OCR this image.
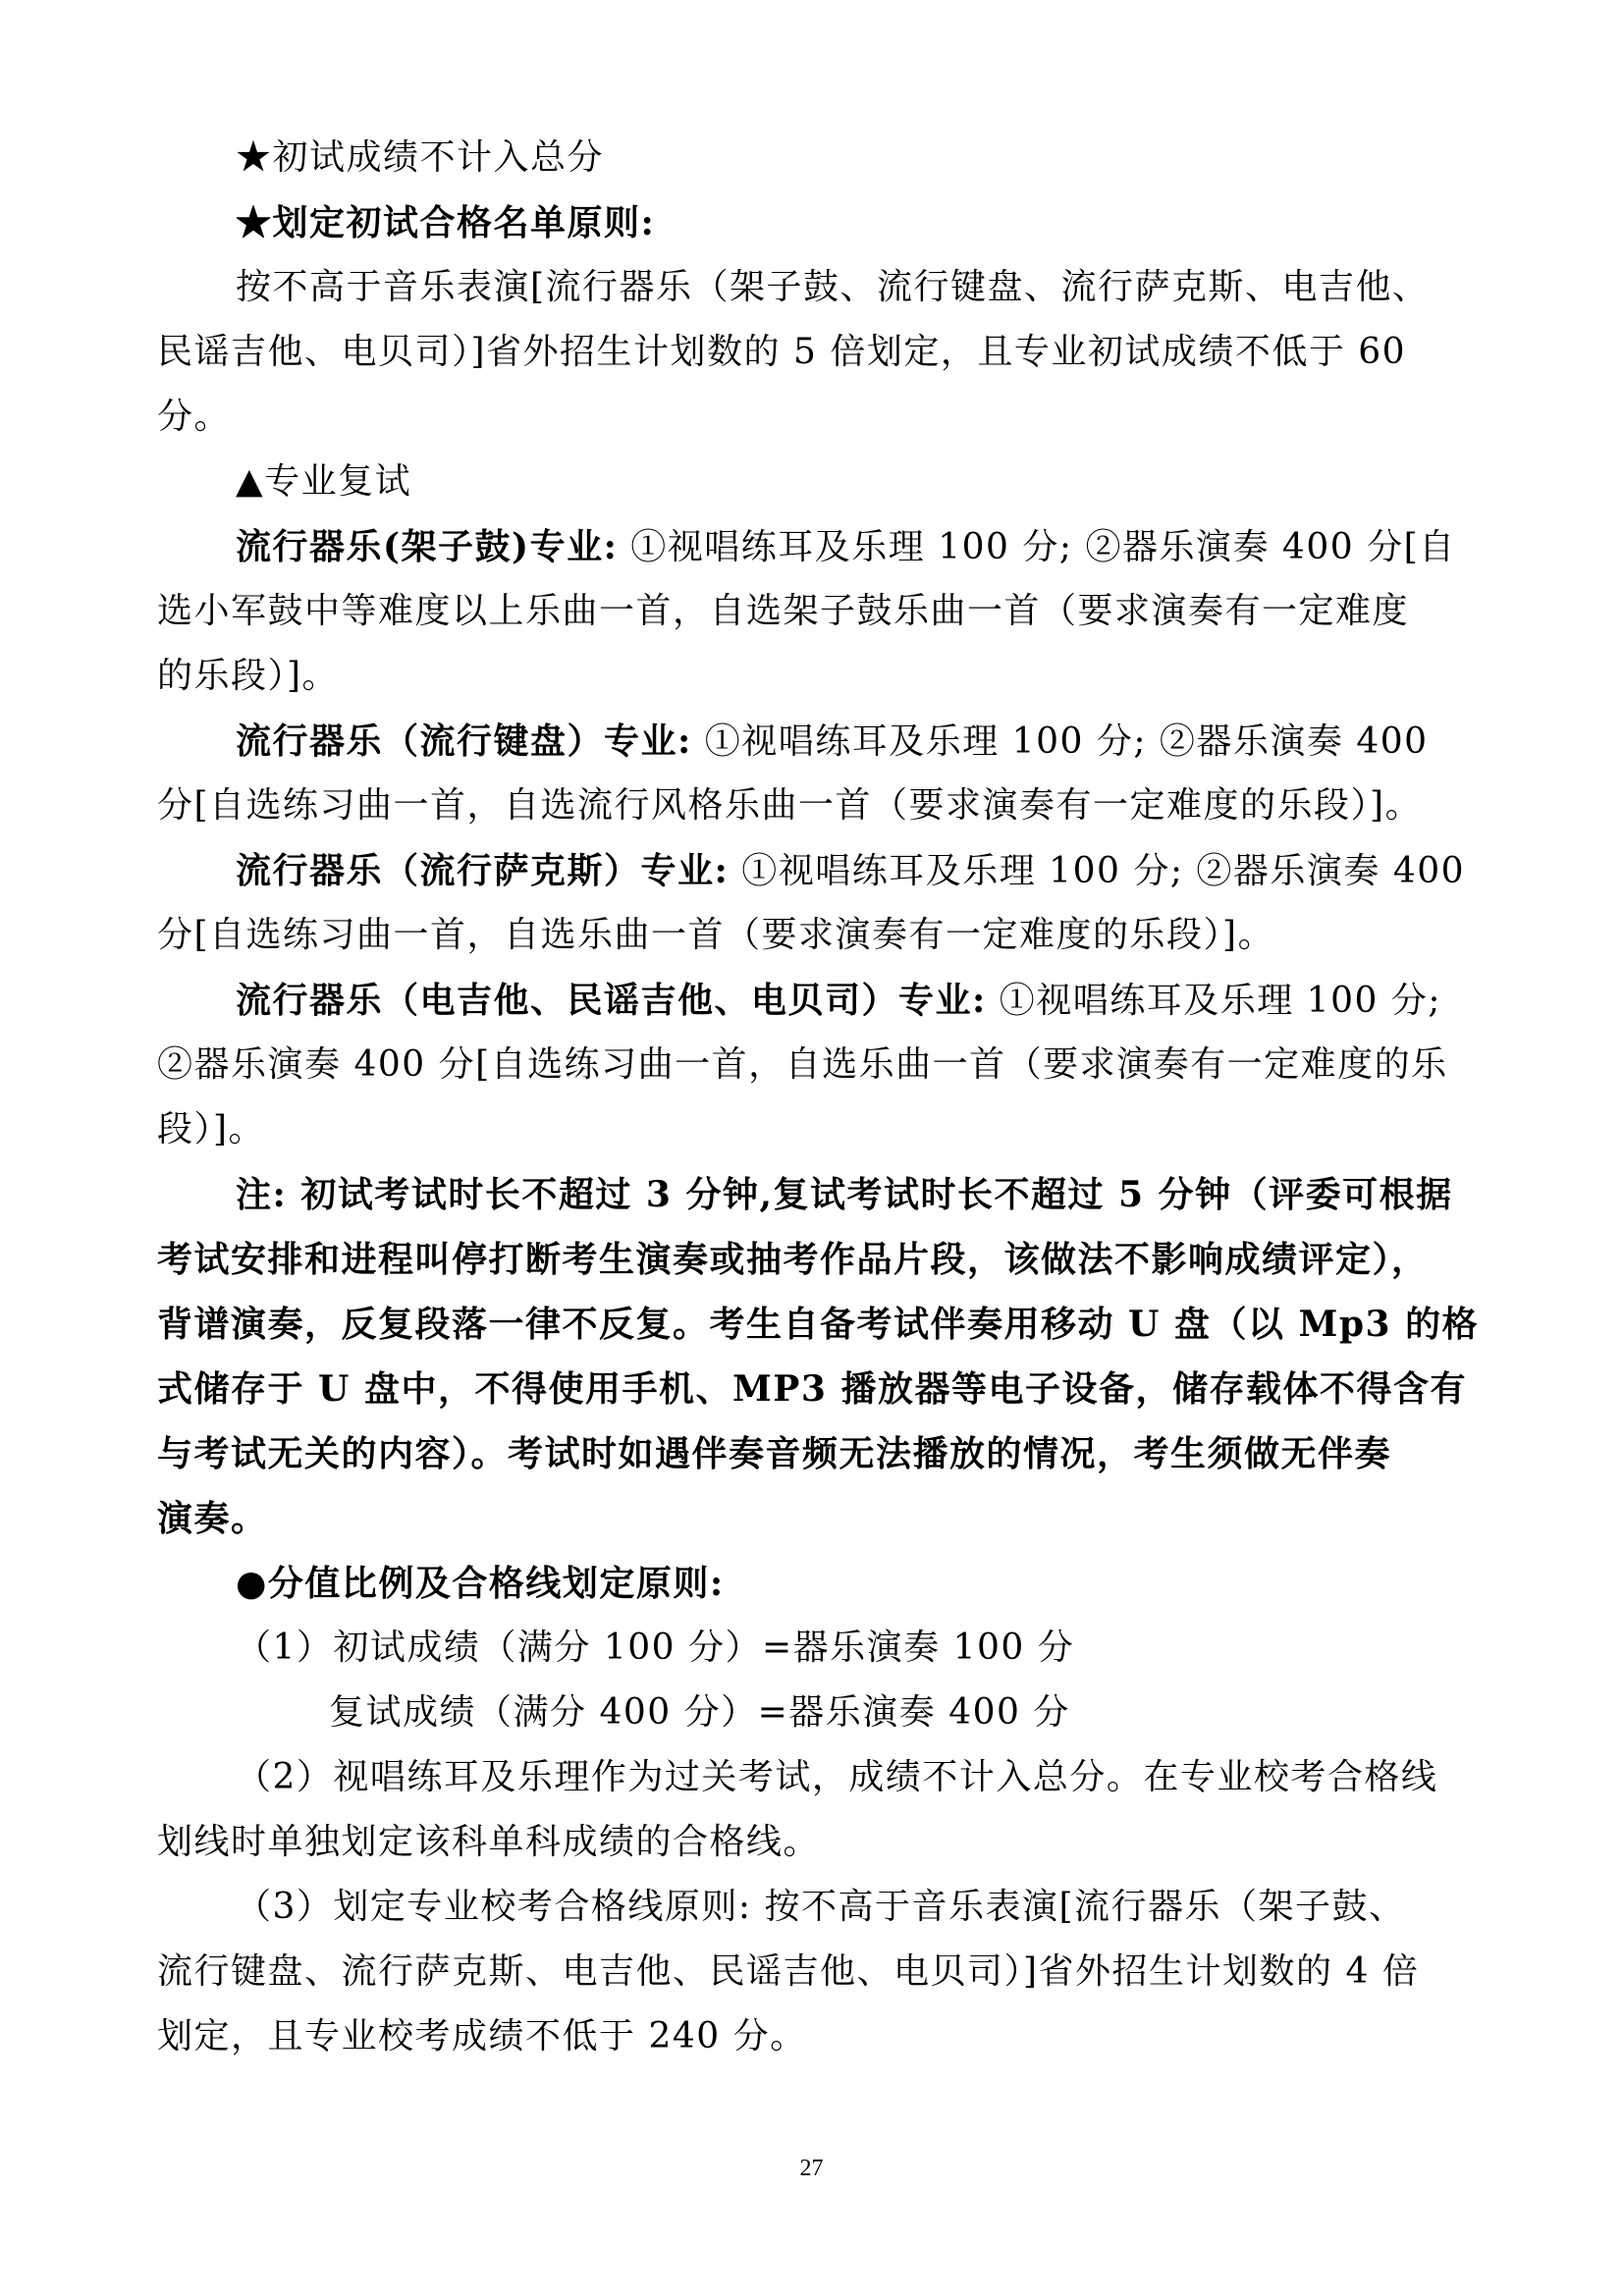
★初试成绩不计入总分
★划定初试合格名单原则:
按不高于音乐表演[流行器乐（架子鼓、流行键盘、流行萨克斯、电吉他、
民谣吉他、电贝司）]省外招生计划数的 5 倍划定，且专业初试成绩不低于 60
分。
▲专业复试
流行器乐(架子鼓)专业: ①视唱练耳及乐理 100 分; ②器乐演奏 400 分[自
选小军鼓中等难度以上乐曲一首，自选架子鼓乐曲一首（要求演奏有一定难度
的乐段）]。
流行器乐（流行键盘）专业: ①视唱练耳及乐理 100 分; ②器乐演奏 400
分[自选练习曲一首，自选流行风格乐曲一首（要求演奏有一定难度的乐段）]。
流行器乐（流行萨克斯）专业: ①视唱练耳及乐理 100 分; ②器乐演奏 400
分[自选练习曲一首，自选乐曲一首（要求演奏有一定难度的乐段）]。
流行器乐（电吉他、民谣吉他、电贝司）专业: ①视唱练耳及乐理 100 分;
②器乐演奏 400 分[自选练习曲一首，自选乐曲一首（要求演奏有一定难度的乐
段）]。
注: 初试考试时长不超过 3 分钟,复试考试时长不超过 5 分钟（评委可根据
考试安排和进程叫停打断考生演奏或抽考作品片段，该做法不影响成绩评定），
背谱演奏，反复段落一律不反复。考生自备考试伴奏用移动 U 盘（以 Mp3 的格
式储存于 U 盘中，不得使用手机、MP3 播放器等电子设备，储存载体不得含有
与考试无关的内容）。考试时如遇伴奏音频无法播放的情况，考生须做无伴奏
演奏。
●分值比例及合格线划定原则:
（1）初试成绩（满分 100 分）=器乐演奏 100 分
复试成绩（满分 400 分）=器乐演奏 400 分
（2）视唱练耳及乐理作为过关考试，成绩不计入总分。在专业校考合格线
划线时单独划定该科单科成绩的合格线。
（3）划定专业校考合格线原则: 按不高于音乐表演[流行器乐（架子鼓、
流行键盘、流行萨克斯、电吉他、民谣吉他、电贝司）]省外招生计划数的 4 倍
划定，且专业校考成绩不低于 240 分。
27
